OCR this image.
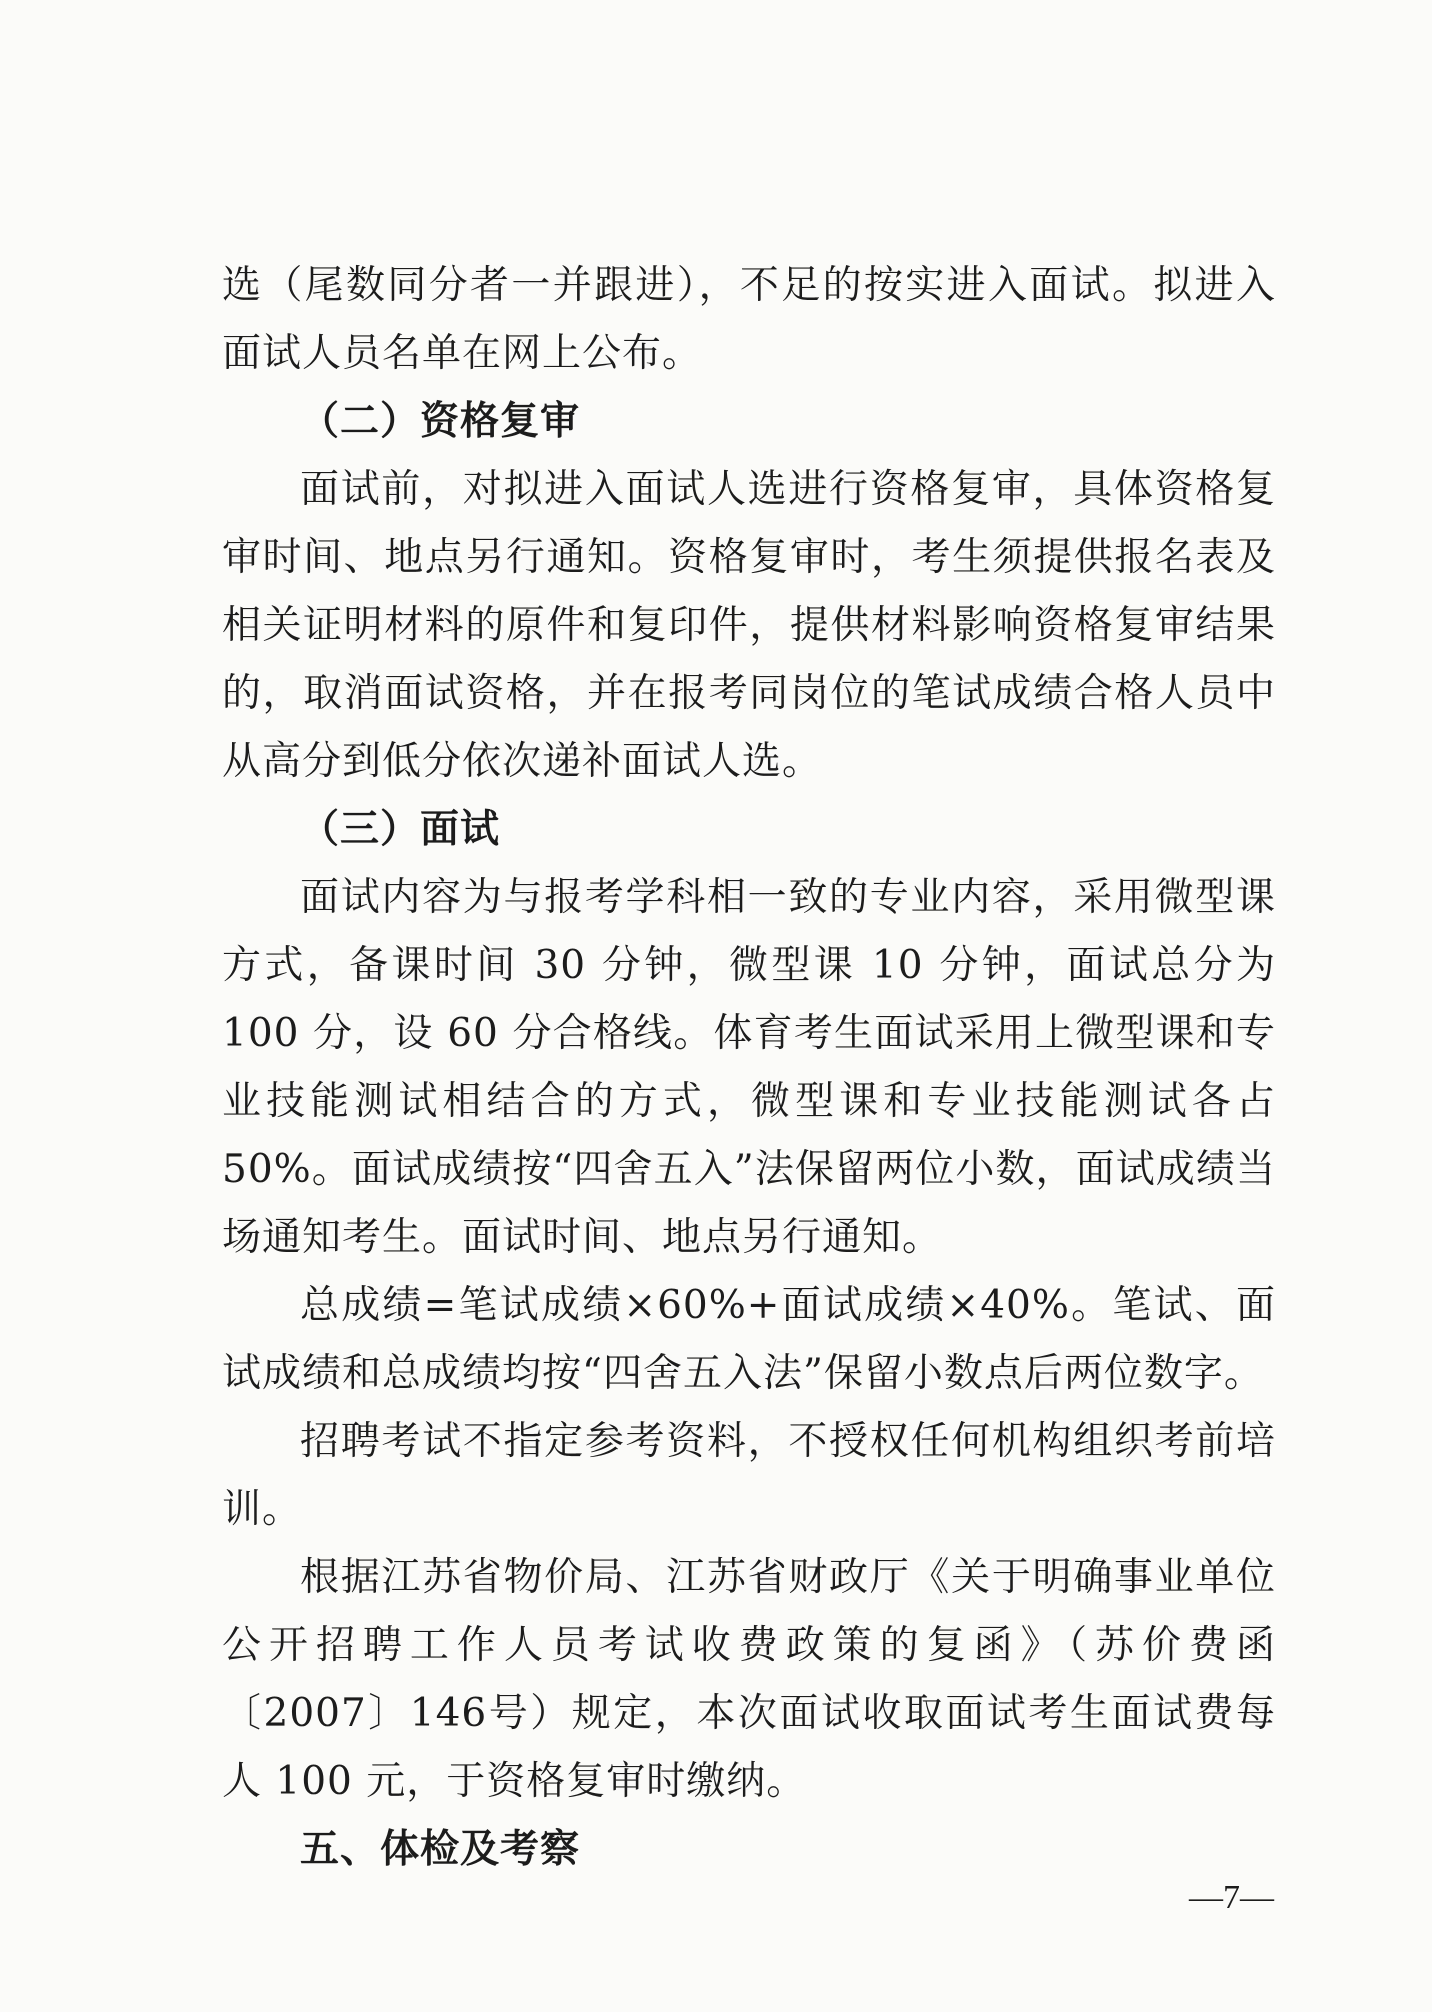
选（尾数同分者一并跟进），不足的按实进入面试。拟进入面试人员名单在网上公布。

（二）资格复审

面试前，对拟进入面试人选进行资格复审，具体资格复审时间、地点另行通知。资格复审时，考生须提供报名表及相关证明材料的原件和复印件，提供材料影响资格复审结果的，取消面试资格，并在报考同岗位的笔试成绩合格人员中从高分到低分依次递补面试人选。

（三）面试

面试内容为与报考学科相一致的专业内容，采用微型课方式，备课时间 30 分钟，微型课 10 分钟，面试总分为 100 分，设 60 分合格线。体育考生面试采用上微型课和专业技能测试相结合的方式，微型课和专业技能测试各占 50%。面试成绩按“四舍五入”法保留两位小数，面试成绩当场通知考生。面试时间、地点另行通知。

总成绩=笔试成绩×60%+面试成绩×40%。笔试、面试成绩和总成绩均按“四舍五入法”保留小数点后两位数字。

招聘考试不指定参考资料，不授权任何机构组织考前培训。

根据江苏省物价局、江苏省财政厅《关于明确事业单位公开招聘工作人员考试收费政策的复函》（苏价费函〔2007〕146号）规定，本次面试收取面试考生面试费每人 100 元，于资格复审时缴纳。

五、体检及考察

—7—
